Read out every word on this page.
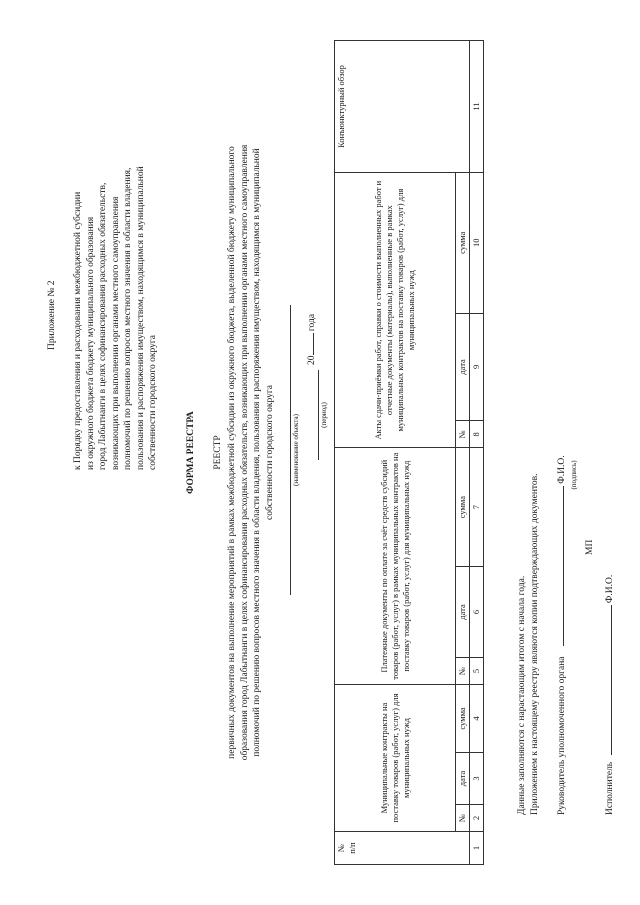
Приложение № 2 к Порядку предоставления и расходования межбюджетной субсидии из окружного бюджета бюджету муниципального образования город Лабытнанги в целях софинансирования расходных обязательств, возникающих при выполнении органами местного самоуправления полномочий по решению вопросов местного значения в области владения, пользования и распоряжения имуществом, находящимся в муниципальной собственности городского округа	ФОРМА РЕЕСТРА РЕЕСТР первичных документов на выполнение мероприятий в рамках межбюджетной субсидии из окружного бюджета, выделенной бюджету муниципального образования город Лабытнанги в целях софинансирования расходных обязательств, возникающих при выполнении органами местного самоуправления полномочий по решению вопросов местного значения в области владения, пользования и распоряжения имуществом, находящимся в муниципальной собственности городского округа	(наименование объекта)
20 года
(период)
№
п/п	Муниципальные контракты на поставку товаров (работ, услуг) для муниципальных нужд			Платежные документы по оплате за счёт средств субсидий товаров (работ, услуг) в рамках муниципальных контрактов на поставку товаров (работ, услуг) для муниципальных нужд			Акты сдачи-приёмки работ, справки о стоимости выполненных работ и отчетные документы (материалы), выполненные в рамках муниципальных контрактов на поставку товаров (работ, услуг) для муниципальных нужд			Конъюнктурный обзор
	№	дата	сумма	№	дата	сумма	№	дата	сумма	
1	2	3	4	5	6	7	8	9	10	11
Данные заполняются с нарастающим итогом с начала года. Приложением к настоящему реестру являются копии подтверждающих документов. Руководитель уполномоченного органа  Ф.И.О. (подпись)
МП
Исполнитель  Ф.И.О.
